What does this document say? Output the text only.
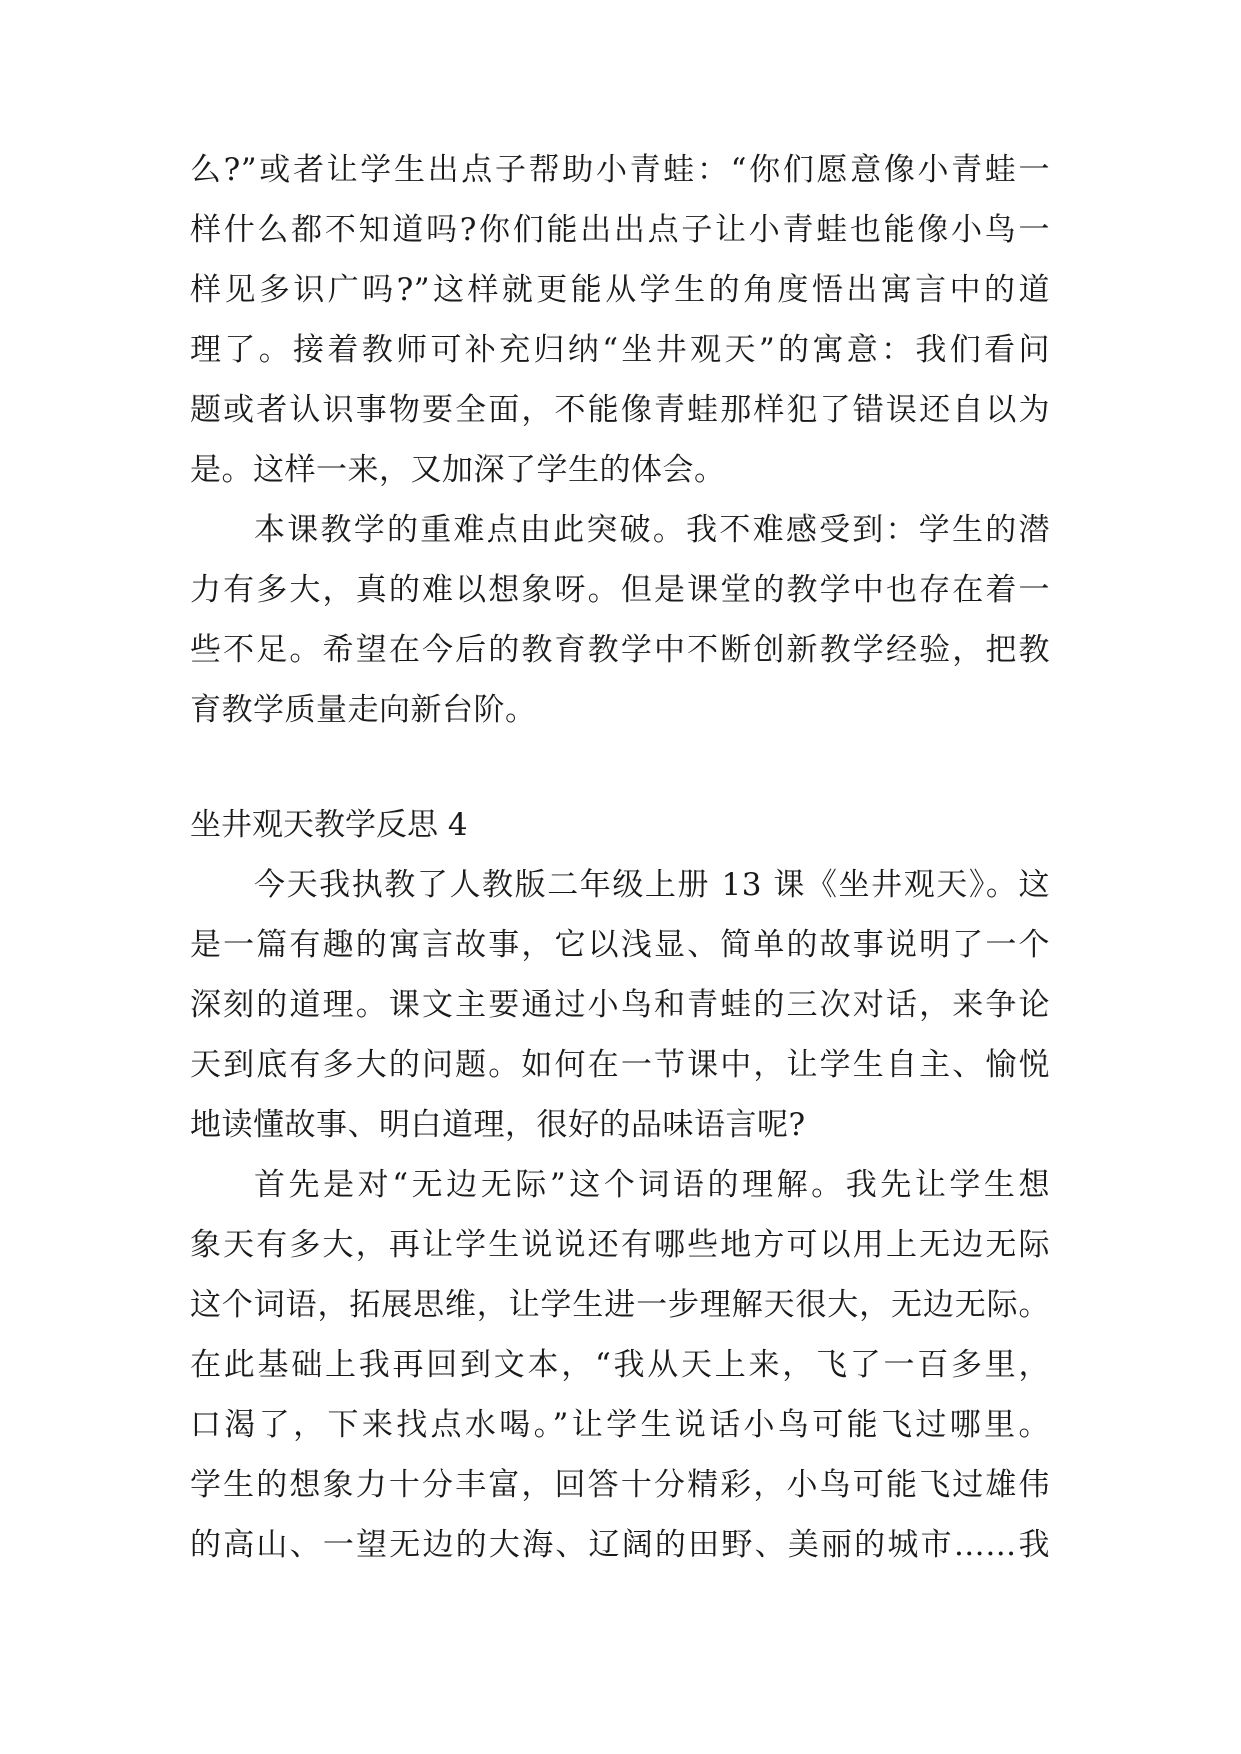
么?”或者让学生出点子帮助小青蛙：“你们愿意像小青蛙一
样什么都不知道吗?你们能出出点子让小青蛙也能像小鸟一
样见多识广吗?”这样就更能从学生的角度悟出寓言中的道
理了。接着教师可补充归纳“坐井观天”的寓意：我们看问
题或者认识事物要全面，不能像青蛙那样犯了错误还自以为
是。这样一来，又加深了学生的体会。
本课教学的重难点由此突破。我不难感受到：学生的潜
力有多大，真的难以想象呀。但是课堂的教学中也存在着一
些不足。希望在今后的教育教学中不断创新教学经验，把教
育教学质量走向新台阶。
坐井观天教学反思 4
今天我执教了人教版二年级上册 13 课《坐井观天》。这
是一篇有趣的寓言故事，它以浅显、简单的故事说明了一个
深刻的道理。课文主要通过小鸟和青蛙的三次对话，来争论
天到底有多大的问题。如何在一节课中，让学生自主、愉悦
地读懂故事、明白道理，很好的品味语言呢?
首先是对“无边无际”这个词语的理解。我先让学生想
象天有多大，再让学生说说还有哪些地方可以用上无边无际
这个词语，拓展思维，让学生进一步理解天很大，无边无际。
在此基础上我再回到文本，“我从天上来，飞了一百多里，
口渴了，下来找点水喝。”让学生说话小鸟可能飞过哪里。
学生的想象力十分丰富，回答十分精彩，小鸟可能飞过雄伟
的高山、一望无边的大海、辽阔的田野、美丽的城市……我
